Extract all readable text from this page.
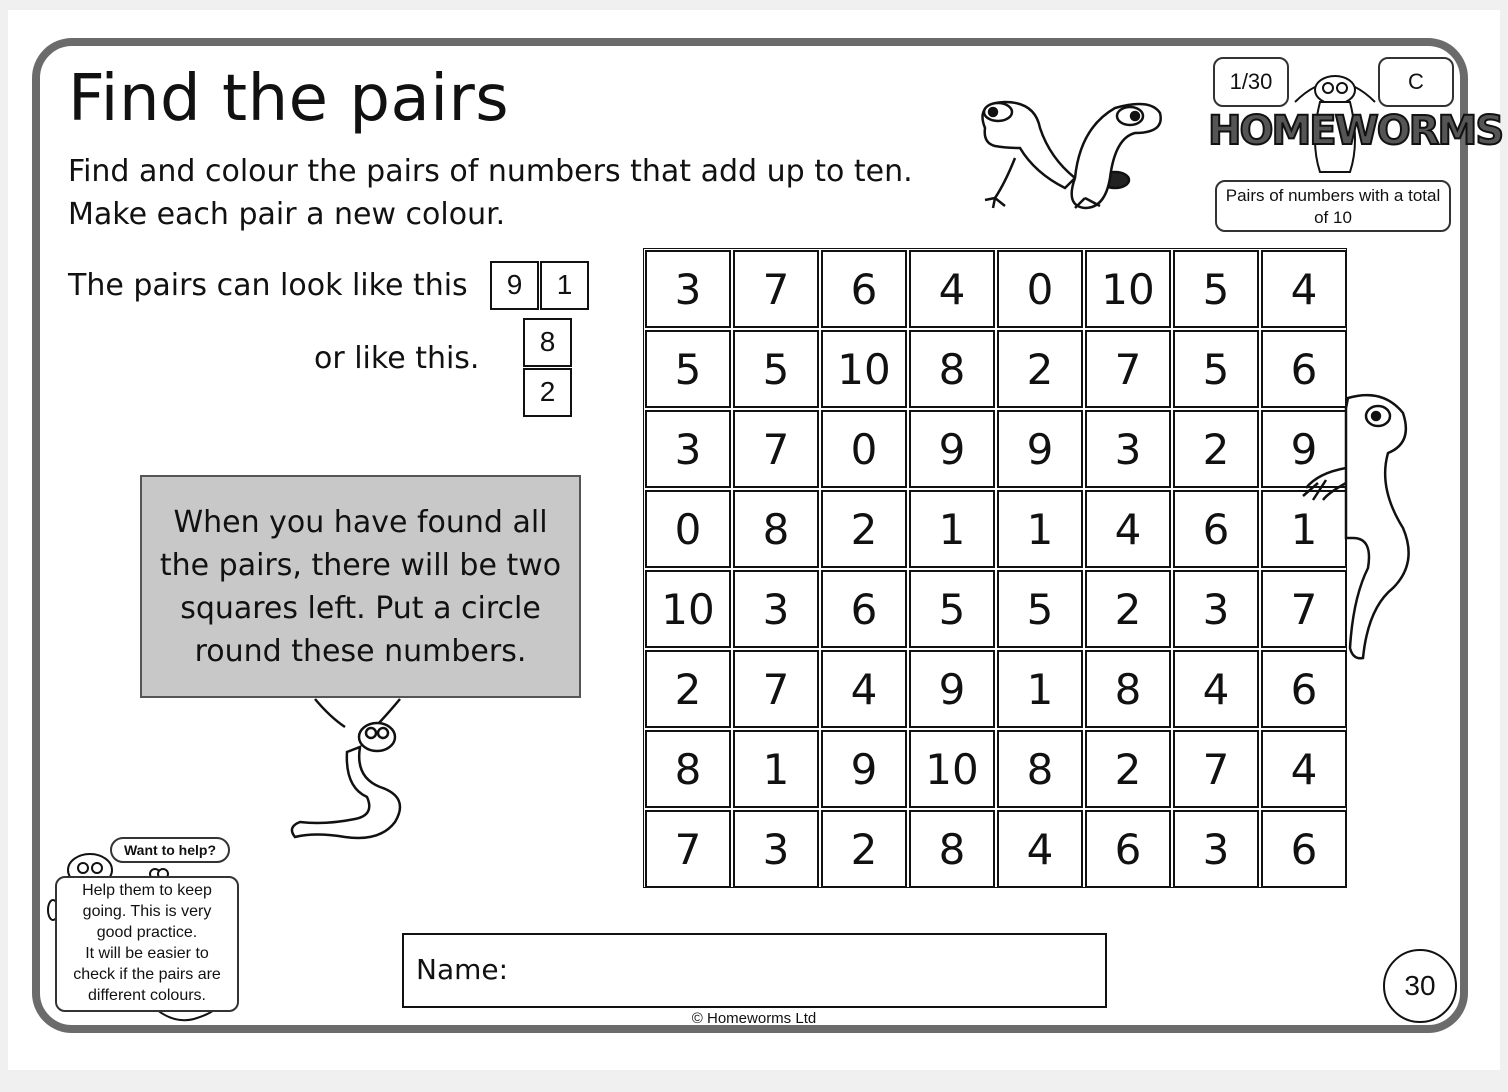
Find the pairs
Find and colour the pairs of numbers that add up to ten.
Make each pair a new colour.
1/30	C
HOMEWORMS
Pairs of numbers with a total of 10
The pairs can look like this	9	1
or like this.	8
2
When you have found all
the pairs, there will be two
squares left. Put a circle
round these numbers.
3	7	6	4	0	10	5	4
5	5	10	8	2	7	5	6
3	7	0	9	9	3	2	9
0	8	2	1	1	4	6	1
10	3	6	5	5	2	3	7
2	7	4	9	1	8	4	6
8	1	9	10	8	2	7	4
7	3	2	8	4	6	3	6
Want to help?
Help them to keep
going. This is very
good practice.
It will be easier to
check if the pairs are
different colours.
Name:
© Homeworms Ltd
30
